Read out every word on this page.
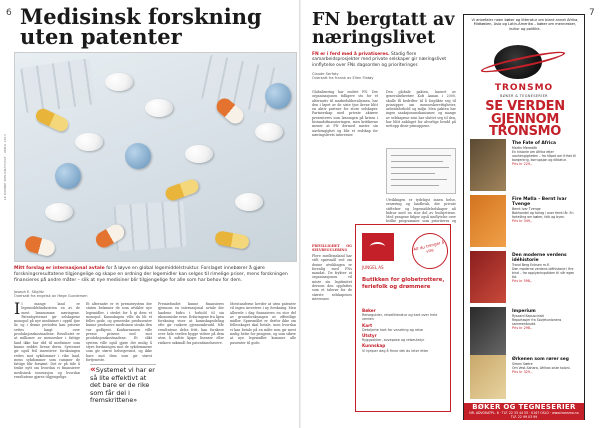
6
LE MONDE DIPLOMATIQUE · APRIL 2013
Medisinsk forskning uten patenter
Mitt forslag er internasjonal avtale for å løyve en global legemiddelstruktur. Forslaget innebærer å gjøre forskningsresultatene tilgjengelige og skape en ordning der legemidler kan selges til rimelige priser, mens forskningen finansieres på andre måter – slik at nye medisiner blir tilgjengelige for alle som har behov for dem.
Joseph E. Stiglitz
Oversatt fra engelsk av Hege Gundersen
I I mange land er legemiddelindustrien en av de mest lønnsomme næringene. Patentsystemet gir selskapene monopol på nye medisiner i opptil tjue år, og i denne perioden kan prisene settes langt over produksjonskostnadene. Resultatet er at millioner av mennesker i fattige land ikke har råd til medisiner som kunne reddet livene deres. Systemet gir også feil insentiver: forskningen rettes mot sykdommer i rike land, mens sykdommer som rammer de fattige blir forsømt. Det er på tide å tenke nytt om hvordan vi finansierer medisinsk innovasjon og hvordan resultatene gjøres tilgjengelige.
Et alternativ er et premiesystem der staten belønner de som utvikler nye legemidler, i stedet for å gi dem et monopol. Kunnskapen ville da bli et felles gode, og generiske produsenter kunne produsere medisinen straks den var godkjent. Konkurransen ville presse prisene ned mot produksjonskostnadene. Et slikt system ville også gjøre det mulig å styre forskningen mot de sykdommene som gir størst helsegevinst, og ikke bare mot dem som gir størst fortjeneste.
Premiefondet kunne finansieres gjennom en internasjonal avtale der landene bidro i forhold til sin økonomiske evne. Erfaringene fra åpen forskning viser at kunnskapsdeling ofte gir raskere gjennombrudd. Når resultatene deles fritt, kan forskere over hele verden bygge videre på dem uten å måtte kjøpe lisenser eller risikere søksmål fra patentinnehavere.
Motstanderne hevder at uten patenter vil ingen investere i ny forskning. Men allerede i dag finansieres en stor del av grunnforskningen av offentlige midler. Spørsmålet er derfor ikke om fellesskapet skal betale, men hvordan vi kan betale på en måte som gir mest mulig helse for pengene, og som sikrer at nye legemidler kommer alle pasienter til gode.
«Systemet vi har er så lite effektivt at det bare er de rike som får del i fremskrittene»
7
FN bergtatt av næringslivet
FN er i ferd med å privatiseres. Stadig flere samarbeidsprosjekter med private selskaper gir næringslivet innflytelse over FNs dagsorden og prioriteringer.
Claude Serfaty
Oversatt fra fransk av Ellen Flatøy
Globalisering har endret FN. Der organisasjonen tidligere sto for et alternativ til markedsliberalismen, har den i løpet av de siste tjue årene blitt en aktiv partner for store selskaper. Partnerskap med private aktører presenteres som løsningen på krisen i bistandsfinansieringen, men kritikerne mener at FN dermed mister sin uavhengighet og blir et redskap for næringslivets interesser.
Den globale pakten, lansert av generalsekretær Kofi Annan i 2000, skulle få bedrifter til å forplikte seg til prinsipper om menneskerettigheter, arbeidsforhold og miljø. Men pakten har ingen sanksjonsmekanismer, og mange av selskapene som har sluttet seg til den, har blitt anklaget for alvorlige brudd på nettopp disse prinsippene.
Utviklingen er tydeligst innen helse, ernæring og landbruk, der private stiftelser og legemiddelselskaper nå bidrar med en stor del av budsjettene. Med pengene følger også innflytelse over hvilke programmer som prioriteres og
FRIVILLIGHET OG SELVREGULERING
Flere medlemsland har stilt spørsmål ved om denne utviklingen er forenlig med FNs mandat. De frykter at organisasjonen vil miste sin legitimitet dersom den oppfattes som et talerør for de største selskapenes interesser.
Alt du trenger å vite
JUNGEL AS
Butikken for globetrottere, feriefolk og drømmere
Bøker
Reiseguider, reiselitteratur og kart over hele verden
Kart
Detaljerte kart for vandring og reise
Utstyr
Ryggsekker, sovepose og reiseutstyr
Kunnskap
Vi hjelper deg å finne det du leter etter
Vi anbefaler noen bøker og litteratur om blant annet Afrika, Midtøsten, Asia og Latin-Amerika – bøker om mennesker, kultur og politikk.
TRONSMO
BØKER & TEGNESERIER
SE VERDEN GJENNOM TRONSMO
The Fate of Africa
Martin Meredith
En historie om Afrika etter uavhengigheten – fra håpet om frihet til borgerkrig, korrupsjon og diktatur.
Pris kr 229,-
Fire Mølla – Bernt Ivar Tvenge
Bernt Ivar Tvenge
Bokhandel og forlag i over femti år. En fortelling om bøker, folk og byen.
Pris kr 349,-
Den moderne verdens idéhistorie
Trond Berg Eriksen m.fl.
Den moderne verdens idéhistorie i fire bind – fra opplysningstiden til vår egen tid.
Pris kr 598,-
Imperium
Ryszard Kapuscinski
Reportasjer fra Sovjetunionens sammenbrudd.
Pris kr 298,-
Ørkenen som rører seg
Simen Sætre
Om Vest-Sahara, Afrikas siste koloni.
Pris kr 329,-
BØKER OG TEGNESERIER
NR. ADVOKATPL. 6 · TLF. 22 33 44 55 · 0167 OSLO · www.tronsmo.no
TLF. 22 99 03 99
